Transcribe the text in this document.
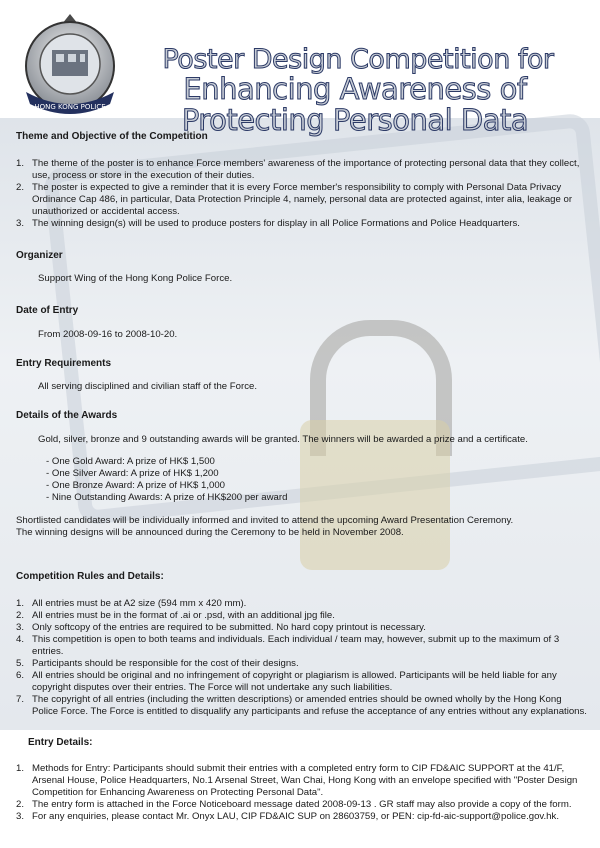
HONG KONG POLICE
Poster Design Competition for
Enhancing Awareness of Protecting Personal Data
Theme and Objective of the Competition
1. The theme of the poster is to enhance Force members' awareness of the importance of protecting personal data that they collect, use, process or store in the execution of their duties.
2. The poster is expected to give a reminder that it is every Force member's responsibility to comply with Personal Data Privacy Ordinance Cap 486, in particular, Data Protection Principle 4, namely, personal data are protected against, inter alia, leakage or unauthorized or accidental access.
3. The winning design(s) will be used to produce posters for display in all Police Formations and Police Headquarters.
Organizer

Support Wing of the Hong Kong Police Force.

Date of Entry

From 2008-09-16 to 2008-10-20.

Entry Requirements

All serving disciplined and civilian staff of the Force.

Details of the Awards

Gold, silver, bronze and 9 outstanding awards will be granted. The winners will be awarded a prize and a certificate.

- One Gold Award: A prize of HK$ 1,500
- One Silver Award: A prize of HK$ 1,200
- One Bronze Award: A prize of HK$ 1,000
- Nine Outstanding Awards: A prize of HK$200 per award

Shortlisted candidates will be individually informed and invited to attend the upcoming Award Presentation Ceremony.

The winning designs will be announced during the Ceremony to be held in November 2008.

Competition Rules and Details:
1. All entries must be at A2 size (594 mm x 420 mm).
2. All entries must be in the format of .ai or .psd, with an additional jpg file.
3. Only softcopy of the entries are required to be submitted. No hard copy printout is necessary.
4. This competition is open to both teams and individuals. Each individual / team may, however, submit up to the maximum of 3 entries.
5. Participants should be responsible for the cost of their designs.
6. All entries should be original and no infringement of copyright or plagiarism is allowed. Participants will be held liable for any copyright disputes over their entries. The Force will not undertake any such liabilities.
7. The copyright of all entries (including the written descriptions) or amended entries should be owned wholly by the Hong Kong Police Force. The Force is entitled to disqualify any participants and refuse the acceptance of any entries without any explanations.
Entry Details:
1. Methods for Entry: Participants should submit their entries with a completed entry form to CIP FD&AIC SUPPORT at the 41/F, Arsenal House, Police Headquarters, No.1 Arsenal Street, Wan Chai, Hong Kong with an envelope specified with "Poster Design Competition for Enhancing Awareness on Protecting Personal Data".
2. The entry form is attached in the Force Noticeboard message dated 2008-09-13 . GR staff may also provide a copy of the form.
3. For any enquiries, please contact Mr. Onyx LAU, CIP FD&AIC SUP on 28603759, or PEN: cip-fd-aic-support@police.gov.hk.
